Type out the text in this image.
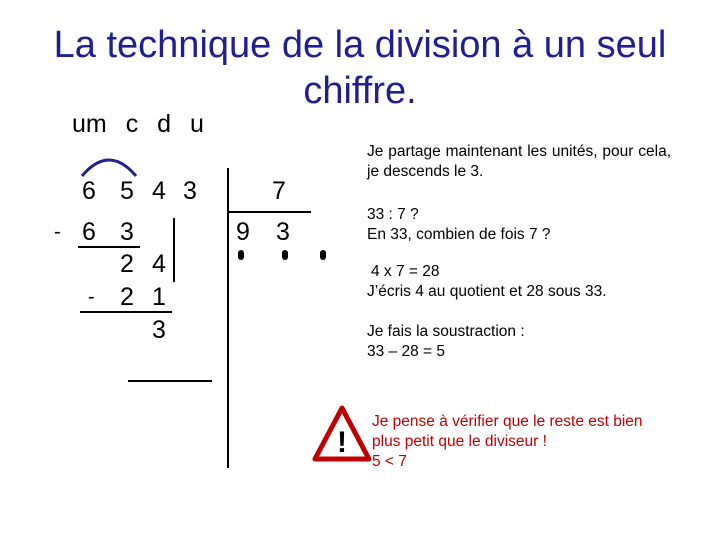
La technique de la division à un seul chiffre.
um c d u
6 5 4 3
- 6 3
2 4
- 2 1
3
7
9 3
Je partage maintenant les unités, pour cela, je descends le 3.
33 : 7 ?
En 33, combien de fois 7 ?
4 x 7 = 28
J’écris 4 au quotient et 28 sous 33.
Je fais la soustraction :
33 – 28 = 5
!
Je pense à vérifier que le reste est bien
plus petit que le diviseur !
5 < 7
